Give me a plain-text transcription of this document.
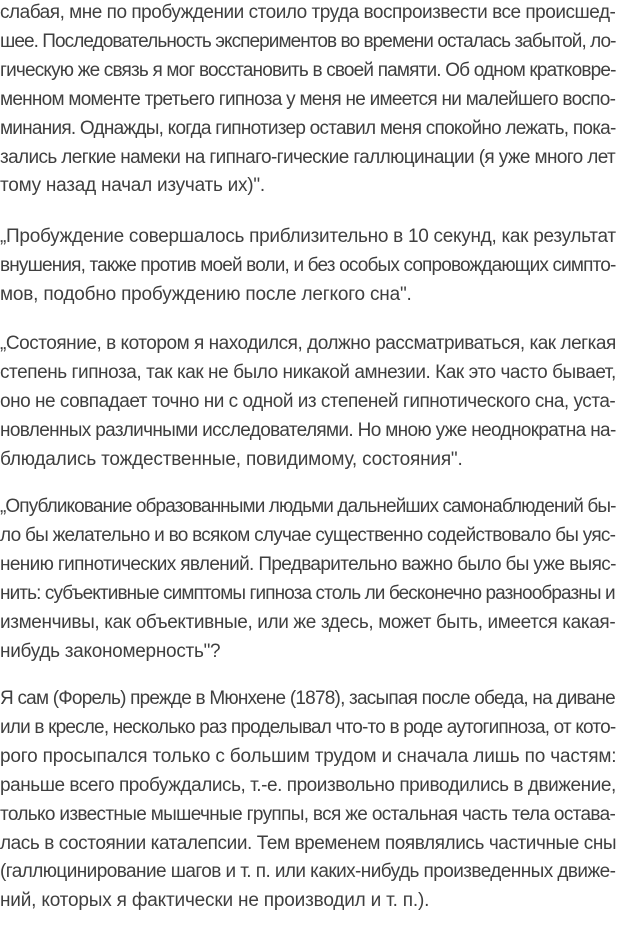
слабая, мне по пробуждении стоило труда воспроизвести все происшед-
шее. Последовательность экспериментов во времени осталась забытой, ло-
гическую же связь я мог восстановить в своей памяти. Об одном кратковре-
менном моменте третьего гипноза у меня не имеется ни малейшего воспо-
минания. Однажды, когда гипнотизер оставил меня спокойно лежать, пока-
зались легкие намеки на гипнаго-гические галлюцинации (я уже много лет
тому назад начал изучать их)".
„Пробуждение совершалось приблизительно в 10 секунд, как результат
внушения, также против моей воли, и без особых сопровождающих симпто-
мов, подобно пробуждению после легкого сна".
„Состояние, в котором я находился, должно рассматриваться, как легкая
степень гипноза, так как не было никакой амнезии. Как это часто бывает,
оно не совпадает точно ни с одной из степеней гипнотического сна, уста-
новленных различными исследователями. Но мною уже неоднократна на-
блюдались тождественные, повидимому, состояния".
„Опубликование образованными людьми дальнейших самонаблюдений бы-
ло бы желательно и во всяком случае существенно содействовало бы уяс-
нению гипнотических явлений. Предварительно важно было бы уже выяс-
нить: субъективные симптомы гипноза столь ли бесконечно разнообразны и
изменчивы, как объективные, или же здесь, может быть, имеется какая-
нибудь закономерность"?
Я сам (Форель) прежде в Мюнхене (1878), засыпая после обеда, на диване
или в кресле, несколько раз проделывал что-то в роде аутогипноза, от кото-
рого просыпался только с большим трудом и сначала лишь по частям:
раньше всего пробуждались, т.-е. произвольно приводились в движение,
только известные мышечные группы, вся же остальная часть тела остава-
лась в состоянии каталепсии. Тем временем появлялись частичные сны
(галлюцинирование шагов и т. п. или каких-нибудь произведенных движе-
ний, которых я фактически не производил и т. п.).
